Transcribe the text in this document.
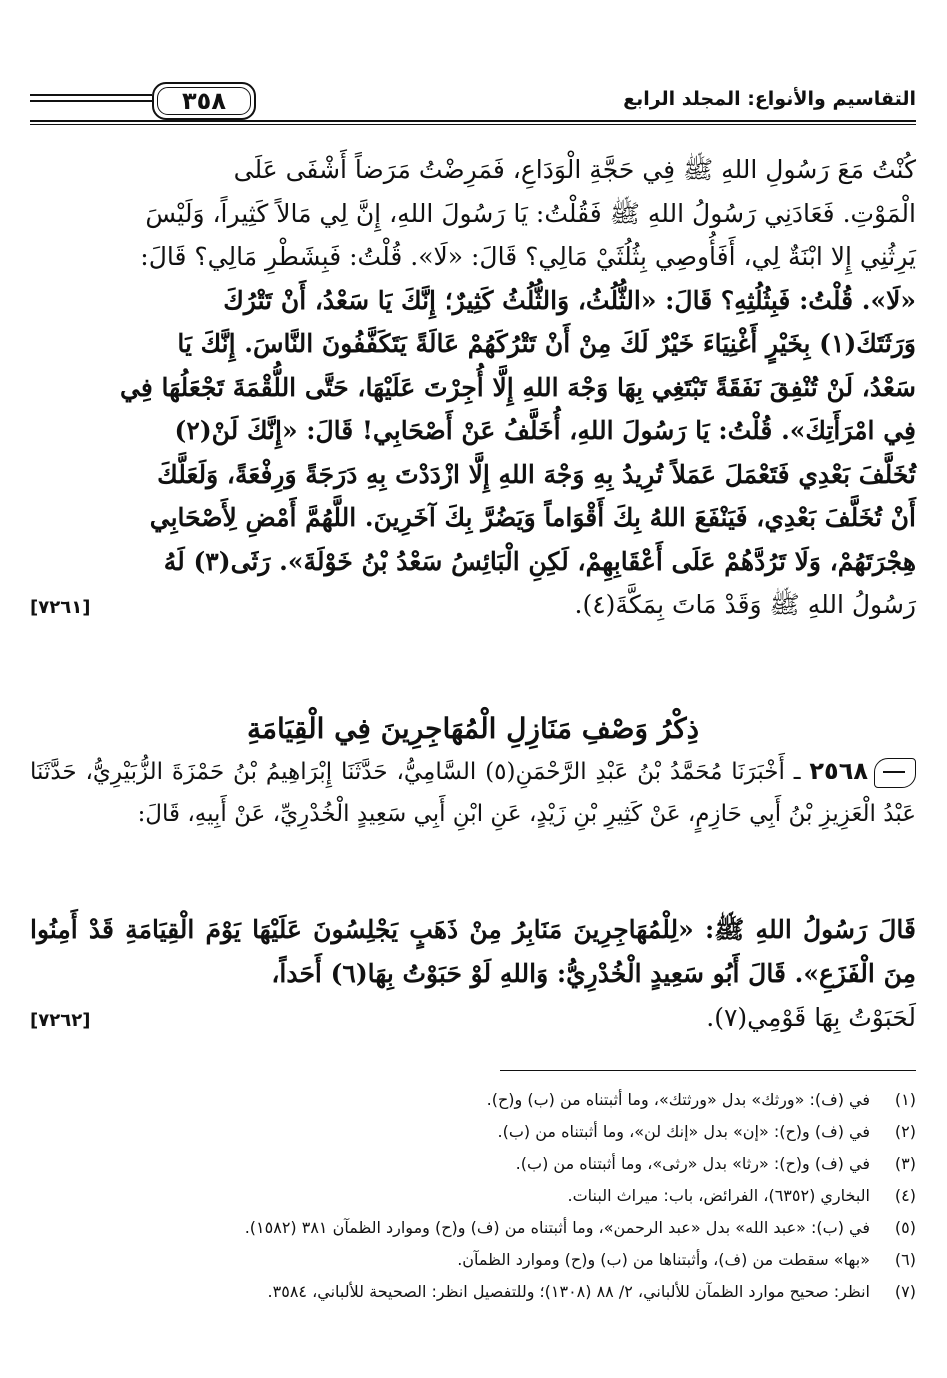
التقاسيم والأنواع: المجلد الرابع
٣٥٨

كُنْتُ مَعَ رَسُولِ اللهِ ﷺ فِي حَجَّةِ الْوَدَاعِ، فَمَرِضْتُ مَرَضاً أَشْفَى عَلَى

الْمَوْتِ. فَعَادَنِي رَسُولُ اللهِ ﷺ فَقُلْتُ: يَا رَسُولَ اللهِ، إِنَّ لِي مَالاً كَثِيراً، وَلَيْسَ

يَرِثُنِي إِلا ابْنَةٌ لِي، أَفَأُوصِي بِثُلُثَيْ مَالِي؟ قَالَ: «لَا». قُلْتُ: فَبِشَطْرِ مَالِي؟ قَالَ:

«لَا». قُلْتُ: فَبِثُلُثِهِ؟ قَالَ: «الثُّلُثُ، وَالثُّلُثُ كَثِيرٌ؛ إِنَّكَ يَا سَعْدُ، أَنْ تَتْرُكَ

وَرَثَتَكَ(١) بِخَيْرٍ أَغْنِيَاءَ خَيْرٌ لَكَ مِنْ أَنْ تَتْرُكَهُمْ عَالَةً يَتَكَفَّفُونَ النَّاسَ. إِنَّكَ يَا

سَعْدُ، لَنْ تُنْفِقَ نَفَقَةً تَبْتَغِي بِهَا وَجْهَ اللهِ إِلَّا أُجِرْتَ عَلَيْهَا، حَتَّى اللُّقْمَةَ تَجْعَلُهَا فِي

فِي امْرَأَتِكَ». قُلْتُ: يَا رَسُولَ اللهِ، أُخَلَّفُ عَنْ أَصْحَابِي! قَالَ: «إِنَّكَ لَنْ(٢)

تُخَلَّفَ بَعْدِي فَتَعْمَلَ عَمَلاً تُرِيدُ بِهِ وَجْهَ اللهِ إِلَّا ازْدَدْتَ بِهِ دَرَجَةً وَرِفْعَةً، وَلَعَلَّكَ

أَنْ تُخَلَّفَ بَعْدِي، فَيَنْفَعَ اللهُ بِكَ أَقْوَاماً وَيَضُرَّ بِكَ آخَرِينَ. اللَّهُمَّ أَمْضِ لِأَصْحَابِي

هِجْرَتَهُمْ، وَلَا تَرُدَّهُمْ عَلَى أَعْقَابِهِمْ، لَكِنِ الْبَائِسُ سَعْدُ بْنُ خَوْلَةَ». رَثَى(٣) لَهُ

رَسُولُ اللهِ ﷺ وَقَدْ مَاتَ بِمَكَّةَ(٤).
[٧٢٦١]
ذِكْرُ وَصْفِ مَنَازِلِ الْمُهَاجِرِينَ فِي الْقِيَامَةِ
٢٥٦٨ ـ أَخْبَرَنَا مُحَمَّدُ بْنُ عَبْدِ الرَّحْمَنِ(٥) السَّامِيُّ، حَدَّثَنَا إِبْرَاهِيمُ بْنُ حَمْزَةَ الزُّبَيْرِيُّ، حَدَّثَنَا عَبْدُ الْعَزِيزِ بْنُ أَبِي حَازِمٍ، عَنْ كَثِيرِ بْنِ زَيْدٍ، عَنِ ابْنِ أَبِي سَعِيدٍ الْخُدْرِيِّ، عَنْ أَبِيهِ، قَالَ:

قَالَ رَسُولُ اللهِ ﷺ: «لِلْمُهَاجِرِينَ مَنَابِرُ مِنْ ذَهَبٍ يَجْلِسُونَ عَلَيْهَا يَوْمَ الْقِيَامَةِ قَدْ أَمِنُوا مِنَ الْفَزَعِ». قَالَ أَبُو سَعِيدٍ الْخُدْرِيُّ: وَاللهِ لَوْ حَبَوْتُ بِهَا(٦) أَحَداً،

لَحَبَوْتُ بِهَا قَوْمِي(٧).
[٧٢٦٢]
(١)
في (ف): «ورثك» بدل «ورثتك»، وما أثبتناه من (ب) و(ح).
(٢)
في (ف) و(ح): «إن» بدل «إنك لن»، وما أثبتناه من (ب).
(٣)
في (ف) و(ح): «رثا» بدل «رثى»، وما أثبتناه من (ب).
(٤)
البخاري (٦٣٥٢)، الفرائض، باب: ميراث البنات.
(٥)
في (ب): «عبد الله» بدل «عبد الرحمن»، وما أثبتناه من (ف) و(ح) وموارد الظمآن ٣٨١ (١٥٨٢).
(٦)
«بها» سقطت من (ف)، وأثبتناها من (ب) و(ح) وموارد الظمآن.
(٧)
انظر: صحيح موارد الظمآن للألباني، ٢/ ٨٨ (١٣٠٨)؛ وللتفصيل انظر: الصحيحة للألباني، ٣٥٨٤.
